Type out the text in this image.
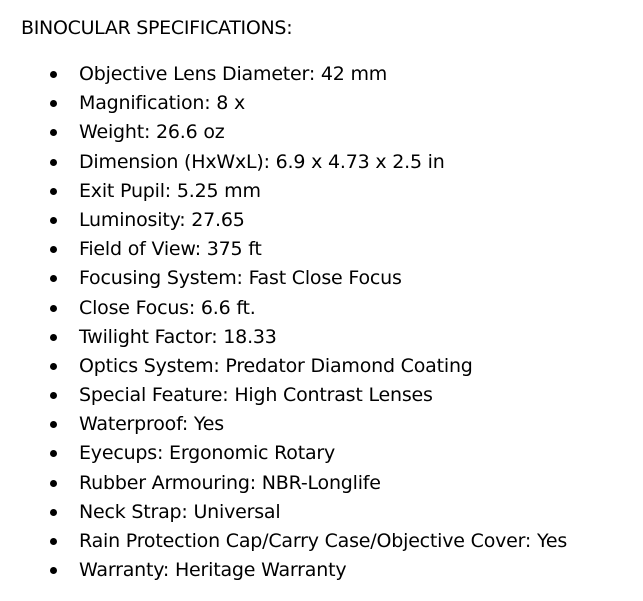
BINOCULAR SPECIFICATIONS:
Objective Lens Diameter: 42 mm
Magnification: 8 x
Weight: 26.6 oz
Dimension (HxWxL): 6.9 x 4.73 x 2.5 in
Exit Pupil: 5.25 mm
Luminosity: 27.65
Field of View: 375 ft
Focusing System: Fast Close Focus
Close Focus: 6.6 ft.
Twilight Factor: 18.33
Optics System: Predator Diamond Coating
Special Feature: High Contrast Lenses
Waterproof: Yes
Eyecups: Ergonomic Rotary
Rubber Armouring: NBR-Longlife
Neck Strap: Universal
Rain Protection Cap/Carry Case/Objective Cover: Yes
Warranty: Heritage Warranty
